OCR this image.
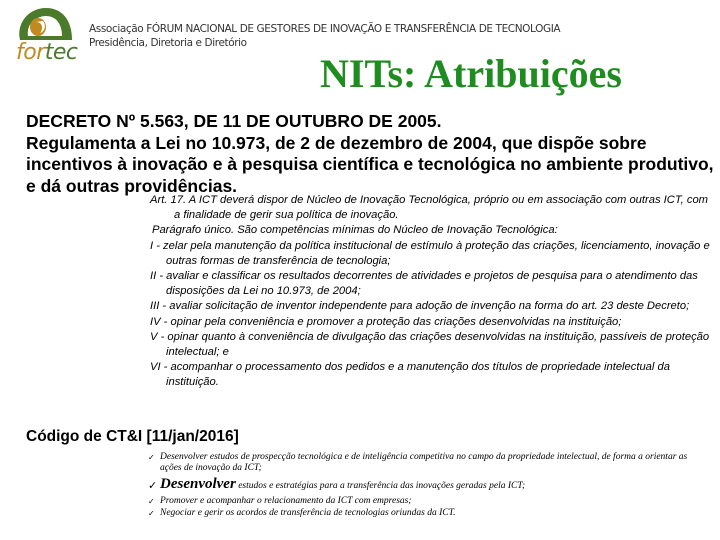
fortec
Associação FÓRUM NACIONAL DE GESTORES DE INOVAÇÃO E TRANSFERÊNCIA DE TECNOLOGIA
Presidência, Diretoria e Diretório
NITs: Atribuições

DECRETO Nº 5.563, DE 11 DE OUTUBRO DE 2005.

Regulamenta a Lei no 10.973, de 2 de dezembro de 2004, que dispõe sobre incentivos à inovação e à pesquisa científica e tecnológica no ambiente produtivo, e dá outras providências.

Art. 17. A ICT deverá dispor de Núcleo de Inovação Tecnológica, próprio ou em associação com outras ICT, com a finalidade de gerir sua política de inovação.

Parágrafo único. São competências mínimas do Núcleo de Inovação Tecnológica:

I - zelar pela manutenção da política institucional de estímulo à proteção das criações, licenciamento, inovação e outras formas de transferência de tecnologia;

II - avaliar e classificar os resultados decorrentes de atividades e projetos de pesquisa para o atendimento das disposições da Lei no 10.973, de 2004;

III - avaliar solicitação de inventor independente para adoção de invenção na forma do art. 23 deste Decreto;

IV - opinar pela conveniência e promover a proteção das criações desenvolvidas na instituição;

V - opinar quanto à conveniência de divulgação das criações desenvolvidas na instituição, passíveis de proteção intelectual; e

VI - acompanhar o processamento dos pedidos e a manutenção dos títulos de propriedade intelectual da instituição.

Código de CT&I [11/jan/2016]
✓ Desenvolver estudos de prospecção tecnológica e de inteligência competitiva no campo da propriedade intelectual, de forma a orientar as ações de inovação da ICT;
✓ Desenvolver estudos e estratégias para a transferência das inovações geradas pela ICT;
✓ Promover e acompanhar o relacionamento da ICT com empresas;
✓ Negociar e gerir os acordos de transferência de tecnologias oriundas da ICT.
